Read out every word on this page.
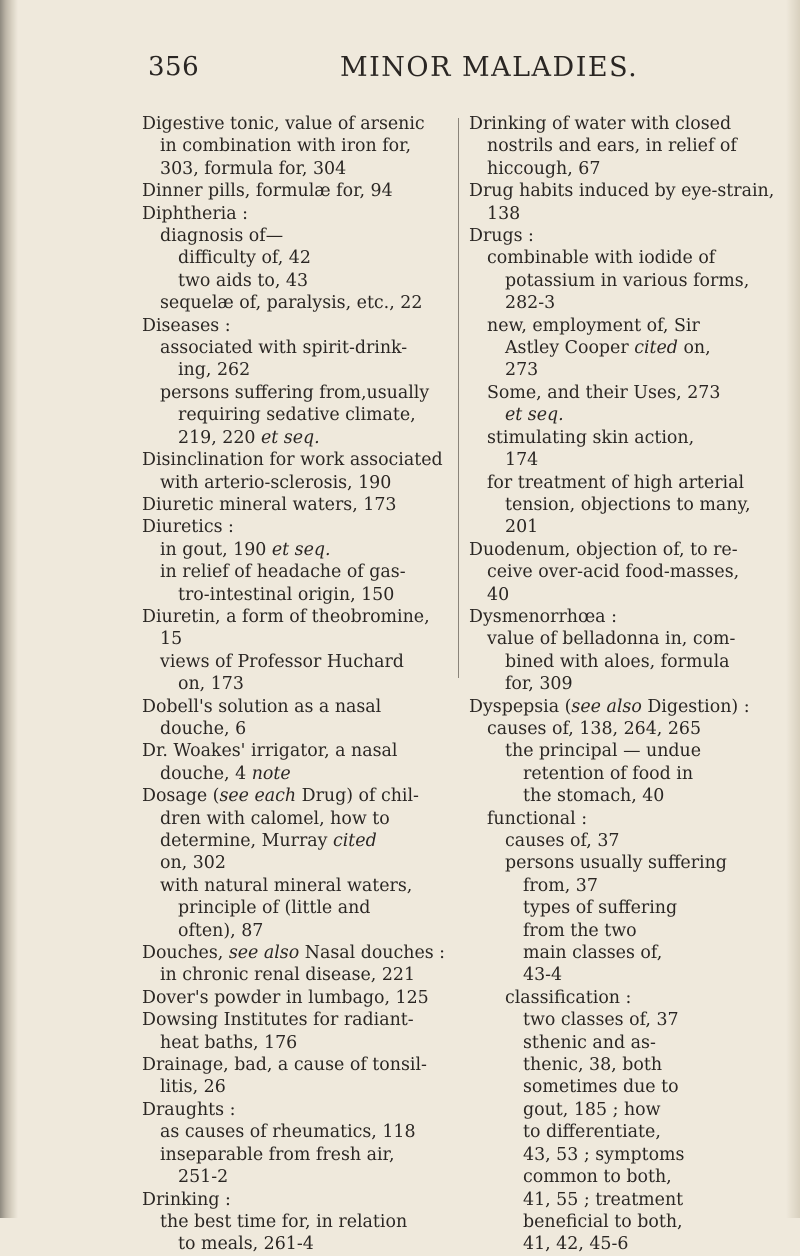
356	MINOR MALADIES.
Digestive tonic, value of arsenic
in combination with iron for,
303, formula for, 304
Dinner pills, formulæ for, 94
Diphtheria :
diagnosis of—
difficulty of, 42
two aids to, 43
sequelæ of, paralysis, etc., 22
Diseases :
associated with spirit-drink-
ing, 262
persons suffering from,usually
requiring sedative climate,
219, 220 et seq.
Disinclination for work associated
with arterio-sclerosis, 190
Diuretic mineral waters, 173
Diuretics :
in gout, 190 et seq.
in relief of headache of gas-
tro-intestinal origin, 150
Diuretin, a form of theobromine,
15
views of Professor Huchard
on, 173
Dobell's solution as a nasal
douche, 6
Dr. Woakes' irrigator, a nasal
douche, 4 note
Dosage (see each Drug) of chil-
dren with calomel, how to
determine, Murray cited
on, 302
with natural mineral waters,
principle of (little and
often), 87
Douches, see also Nasal douches :
in chronic renal disease, 221
Dover's powder in lumbago, 125
Dowsing Institutes for radiant-
heat baths, 176
Drainage, bad, a cause of tonsil-
litis, 26
Draughts :
as causes of rheumatics, 118
inseparable from fresh air,
251-2
Drinking :
the best time for, in relation
to meals, 261-4
Drinking of water with closed
nostrils and ears, in relief of
hiccough, 67
Drug habits induced by eye-strain,
138
Drugs :
combinable with iodide of
potassium in various forms,
282-3
new, employment of, Sir
Astley Cooper cited on,
273
Some, and their Uses, 273
et seq.
stimulating skin action,
174
for treatment of high arterial
tension, objections to many,
201
Duodenum, objection of, to re-
ceive over-acid food-masses,
40
Dysmenorrhœa :
value of belladonna in, com-
bined with aloes, formula
for, 309
Dyspepsia (see also Digestion) :
causes of, 138, 264, 265
the principal — undue
retention of food in
the stomach, 40
functional :
causes of, 37
persons usually suffering
from, 37
types of suffering
from the two
main classes of,
43-4
classification :
two classes of, 37
sthenic and as-
thenic, 38, both
sometimes due to
gout, 185 ; how
to differentiate,
43, 53 ; symptoms
common to both,
41, 55 ; treatment
beneficial to both,
41, 42, 45-6
